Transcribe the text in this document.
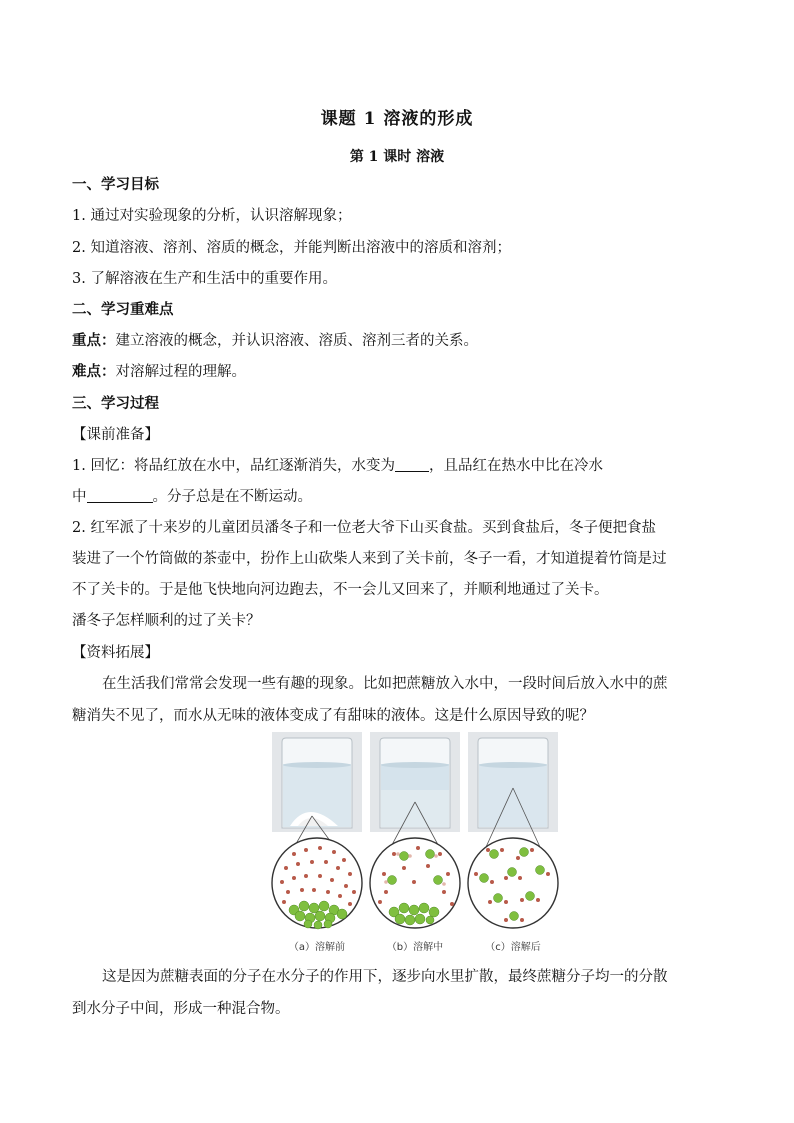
课题 1 溶液的形成
第 1 课时 溶液
一、学习目标
1. 通过对实验现象的分析，认识溶解现象；
2. 知道溶液、溶剂、溶质的概念，并能判断出溶液中的溶质和溶剂；
3. 了解溶液在生产和生活中的重要作用。
二、学习重难点
重点：建立溶液的概念，并认识溶液、溶质、溶剂三者的关系。
难点：对溶解过程的理解。
三、学习过程
【课前准备】
1. 回忆：将品红放在水中，品红逐渐消失，水变为 ，且品红在热水中比在冷水
中	。分子总是在不断运动。
2. 红军派了十来岁的儿童团员潘冬子和一位老大爷下山买食盐。买到食盐后，冬子便把食盐
装进了一个竹筒做的茶壶中，扮作上山砍柴人来到了关卡前，冬子一看，才知道提着竹筒是过
不了关卡的。于是他飞快地向河边跑去，不一会儿又回来了，并顺利地通过了关卡。
潘冬子怎样顺利的过了关卡？
【资料拓展】
在生活我们常常会发现一些有趣的现象。比如把蔗糖放入水中，一段时间后放入水中的蔗
糖消失不见了，而水从无味的液体变成了有甜味的液体。这是什么原因导致的呢？
（a）溶解前	（b）溶解中	（c）溶解后
这是因为蔗糖表面的分子在水分子的作用下，逐步向水里扩散，最终蔗糖分子均一的分散
到水分子中间，形成一种混合物。
